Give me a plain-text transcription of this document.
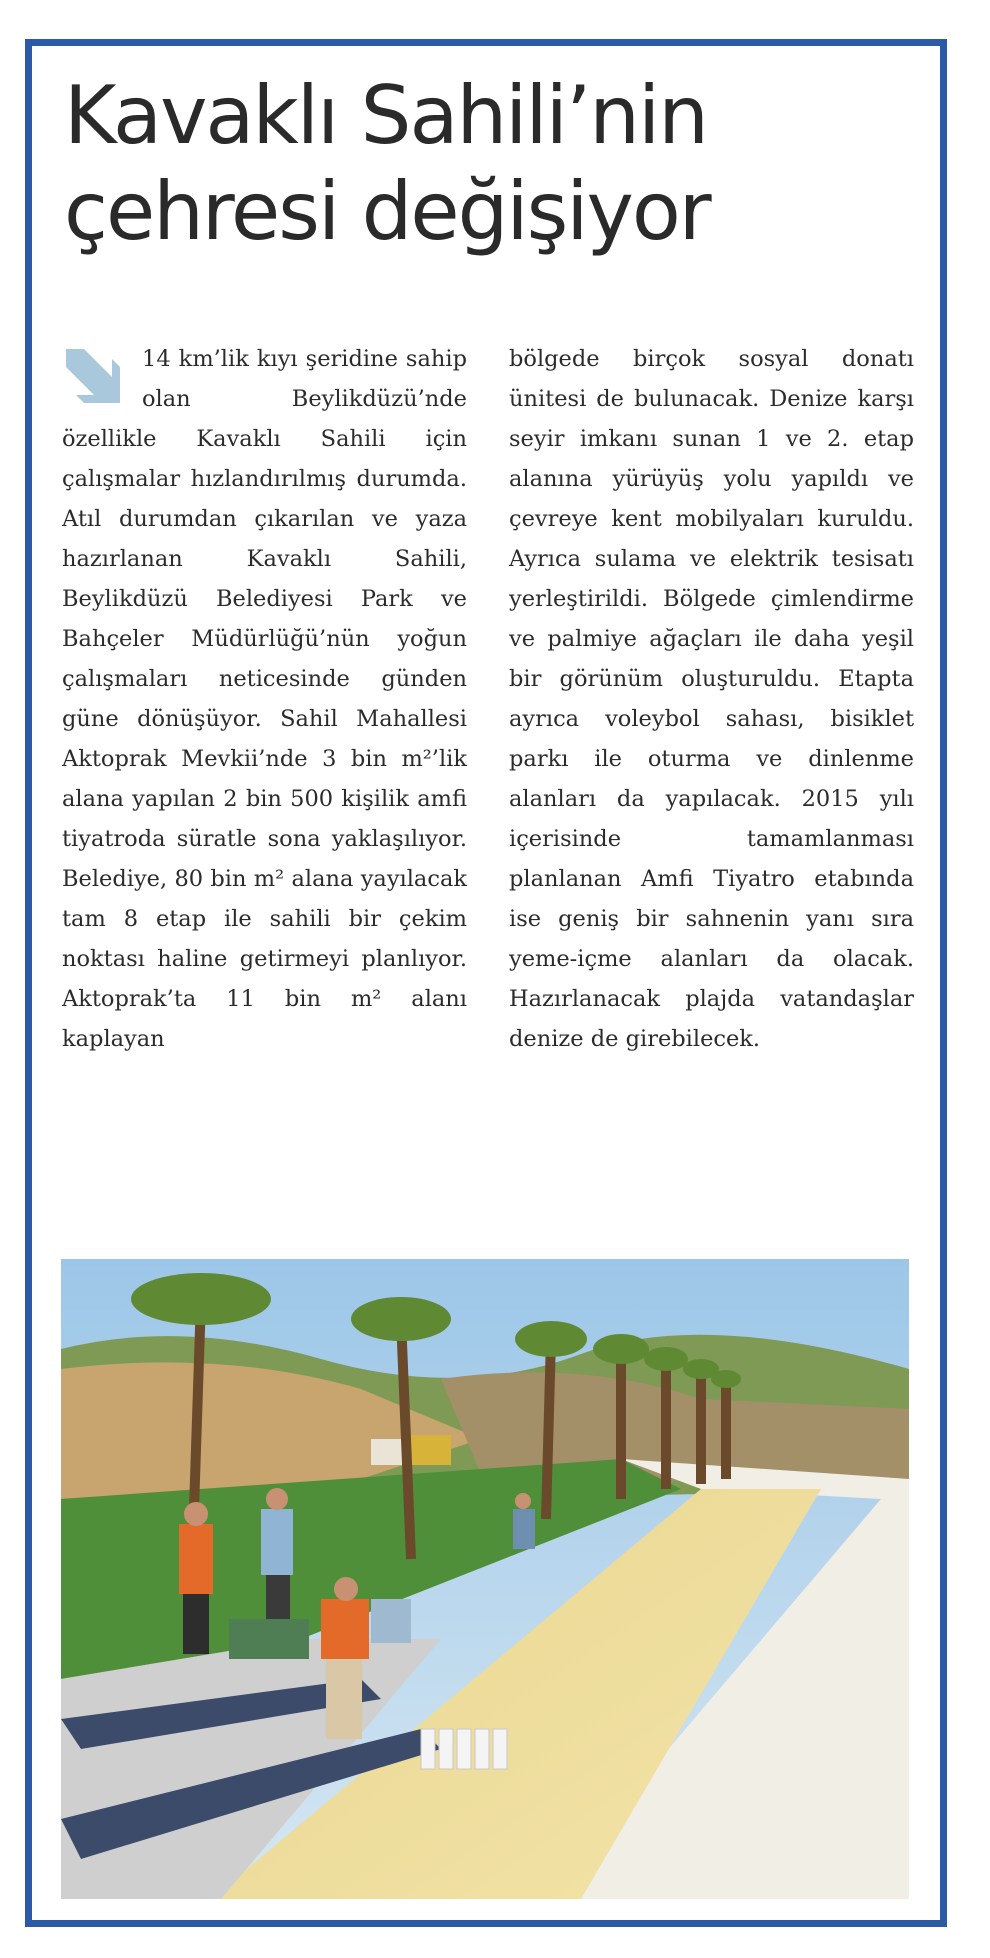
Kavaklı Sahili’nin
çehresi değişiyor
14 km’lik kıyı şeridine sahip olan Beylikdüzü’nde özellikle Kavaklı Sahili için çalışmalar hızlandırılmış durumda. Atıl durumdan çıkarılan ve yaza hazırlanan Kavaklı Sahili, Beylikdüzü Belediyesi Park ve Bahçeler Müdürlüğü’nün yoğun çalışmaları neticesinde günden güne dönüşüyor. Sahil Mahallesi Aktoprak Mevkii’nde 3 bin m²’lik alana yapılan 2 bin 500 kişilik amfi tiyatroda süratle sona yaklaşılıyor. Belediye, 80 bin m² alana yayılacak tam 8 etap ile sahili bir çekim noktası haline getirmeyi planlıyor. Aktoprak’ta 11 bin m² alanı kaplayan
bölgede birçok sosyal donatı ünitesi de bulunacak. Denize karşı seyir imkanı sunan 1 ve 2. etap alanına yürüyüş yolu yapıldı ve çevreye kent mobilyaları kuruldu. Ayrıca sulama ve elektrik tesisatı yerleştirildi. Bölgede çimlendirme ve palmiye ağaçları ile daha yeşil bir görünüm oluşturuldu. Etapta ayrıca voleybol sahası, bisiklet parkı ile oturma ve dinlenme alanları da yapılacak. 2015 yılı içerisinde tamamlanması planlanan Amfi Tiyatro etabında ise geniş bir sahnenin yanı sıra yeme-içme alanları da olacak. Hazırlanacak plajda vatandaşlar denize de girebilecek.
